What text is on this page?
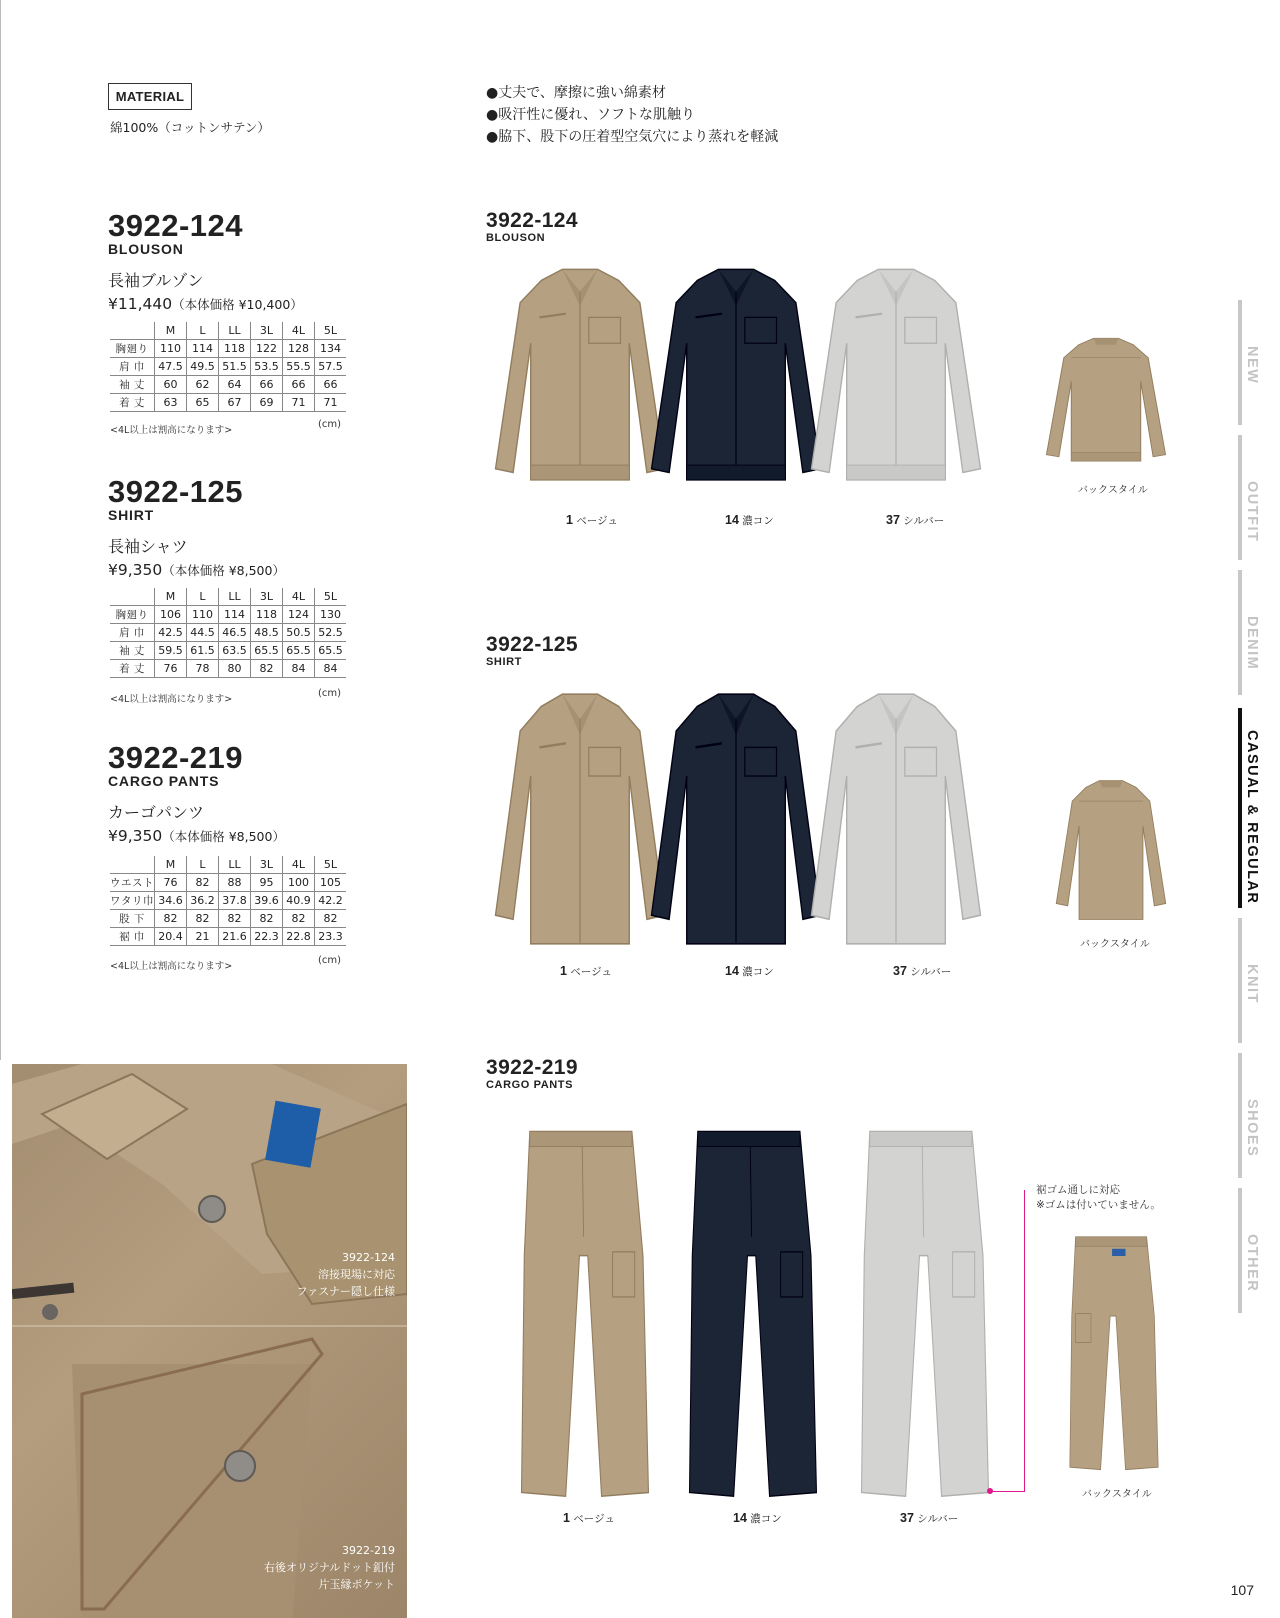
MATERIAL
綿100%（コットンサテン）
●丈夫で、摩擦に強い綿素材
●吸汗性に優れ、ソフトな肌触り
●脇下、股下の圧着型空気穴により蒸れを軽減
3922-124
BLOUSON
長袖ブルゾン
¥11,440（本体価格 ¥10,400）
	M	L	LL	3L	4L	5L
胸廻り	110	114	118	122	128	134
肩 巾	47.5	49.5	51.5	53.5	55.5	57.5
袖 丈	60	62	64	66	66	66
着 丈	63	65	67	69	71	71
<4L以上は割高になります>
(cm)
3922-125
SHIRT
長袖シャツ
¥9,350（本体価格 ¥8,500）
	M	L	LL	3L	4L	5L
胸廻り	106	110	114	118	124	130
肩 巾	42.5	44.5	46.5	48.5	50.5	52.5
袖 丈	59.5	61.5	63.5	65.5	65.5	65.5
着 丈	76	78	80	82	84	84
<4L以上は割高になります>
(cm)
3922-219
CARGO PANTS
カーゴパンツ
¥9,350（本体価格 ¥8,500）
	M	L	LL	3L	4L	5L
ウエスト	76	82	88	95	100	105
ワタリ巾	34.6	36.2	37.8	39.6	40.9	42.2
股 下	82	82	82	82	82	82
裾 巾	20.4	21	21.6	22.3	22.8	23.3
<4L以上は割高になります>
(cm)
3922-124
BLOUSON
3922-125
SHIRT
3922-219
CARGO PANTS
1 ベージュ	14 濃コン	37 シルバー
バックスタイル
1 ベージュ	14 濃コン	37 シルバー
バックスタイル
1 ベージュ	14 濃コン	37 シルバー
バックスタイル
裾ゴム通しに対応
※ゴムは付いていません。
3922-124
溶接現場に対応
ファスナー隠し仕様
3922-219
右後オリジナルドット釦付
片玉縁ポケット
NEW
OUTFIT
DENIM
CASUAL & REGULAR
KNIT
SHOES
OTHER
107
